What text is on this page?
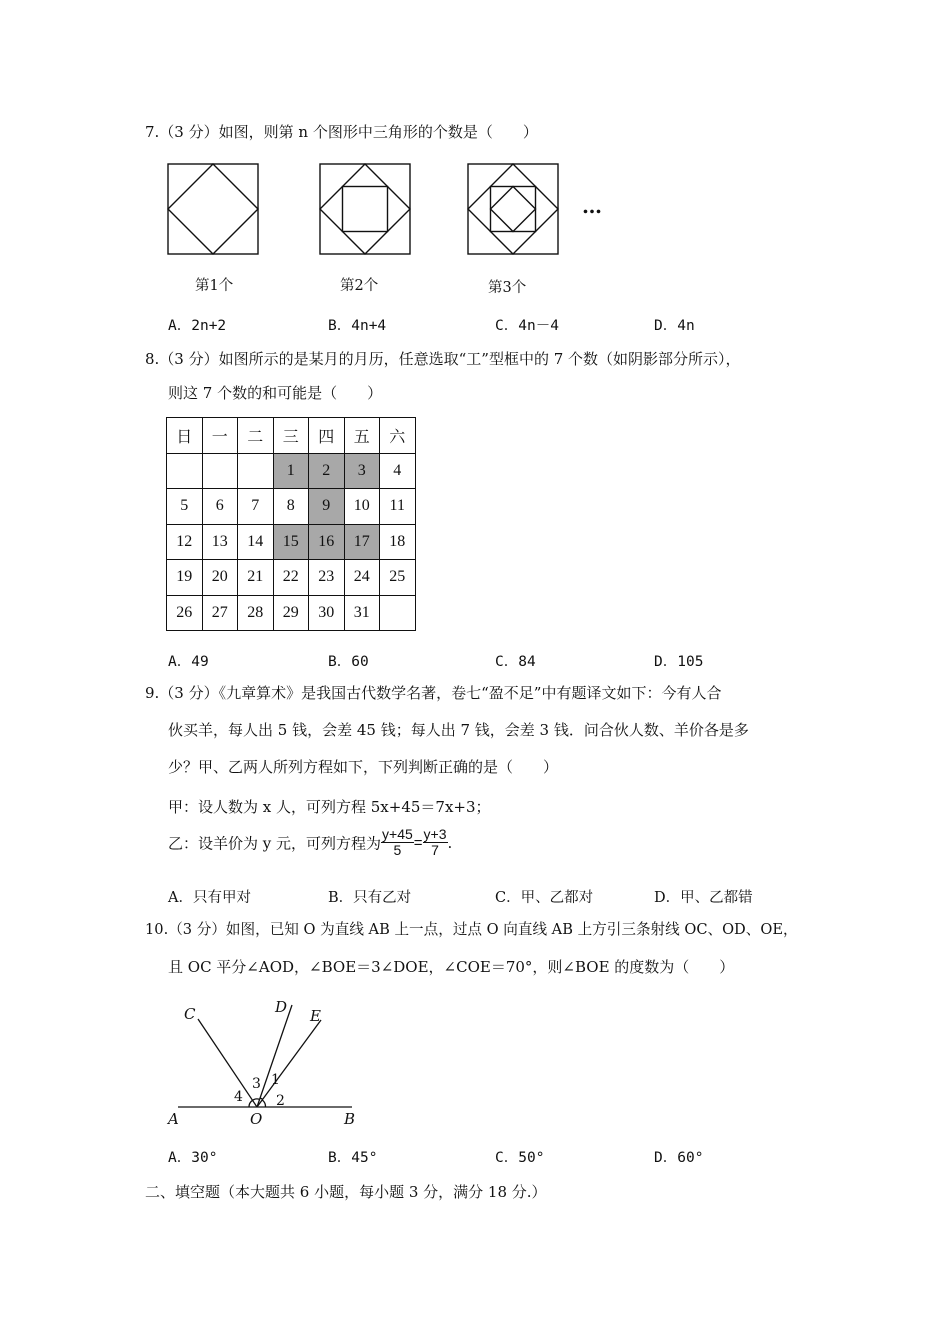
7.（3 分）如图，则第 n 个图形中三角形的个数是（　　）
…
第1个	第2个	第3个
A．2n+2	B．4n+4	C．4n－4	D．4n
8.（3 分）如图所示的是某月的月历，任意选取“工”型框中的 7 个数（如阴影部分所示），
则这 7 个数的和可能是（　　）
日	一	二	三	四	五	六
			1	2	3	4
5	6	7	8	9	10	11
12	13	14	15	16	17	18
19	20	21	22	23	24	25
26	27	28	29	30	31	
A．49	B．60	C．84	D．105
9.（3 分）《九章算术》是我国古代数学名著，卷七“盈不足”中有题译文如下：今有人合
伙买羊，每人出 5 钱，会差 45 钱；每人出 7 钱，会差 3 钱．问合伙人数、羊价各是多
少？甲、乙两人所列方程如下，下列判断正确的是（　　）
甲：设人数为 x 人，可列方程 5x+45＝7x+3；
乙：设羊价为 y 元，可列方程为 $\frac{y+45}{5} = \frac{y+3}{7}$ .
A．只有甲对	B．只有乙对	C．甲、乙都对	D．甲、乙都错
10.（3 分）如图，已知 O 为直线 AB 上一点，过点 O 向直线 AB 上方引三条射线 OC、OD、OE，
且 OC 平分∠AOD，∠BOE＝3∠DOE，∠COE＝70°，则∠BOE 的度数为（　　）
C	D E
A	O	B
1
2
3
4
A．30°	B．45°	C．50°	D．60°
二、填空题（本大题共 6 小题，每小题 3 分，满分 18 分.）
